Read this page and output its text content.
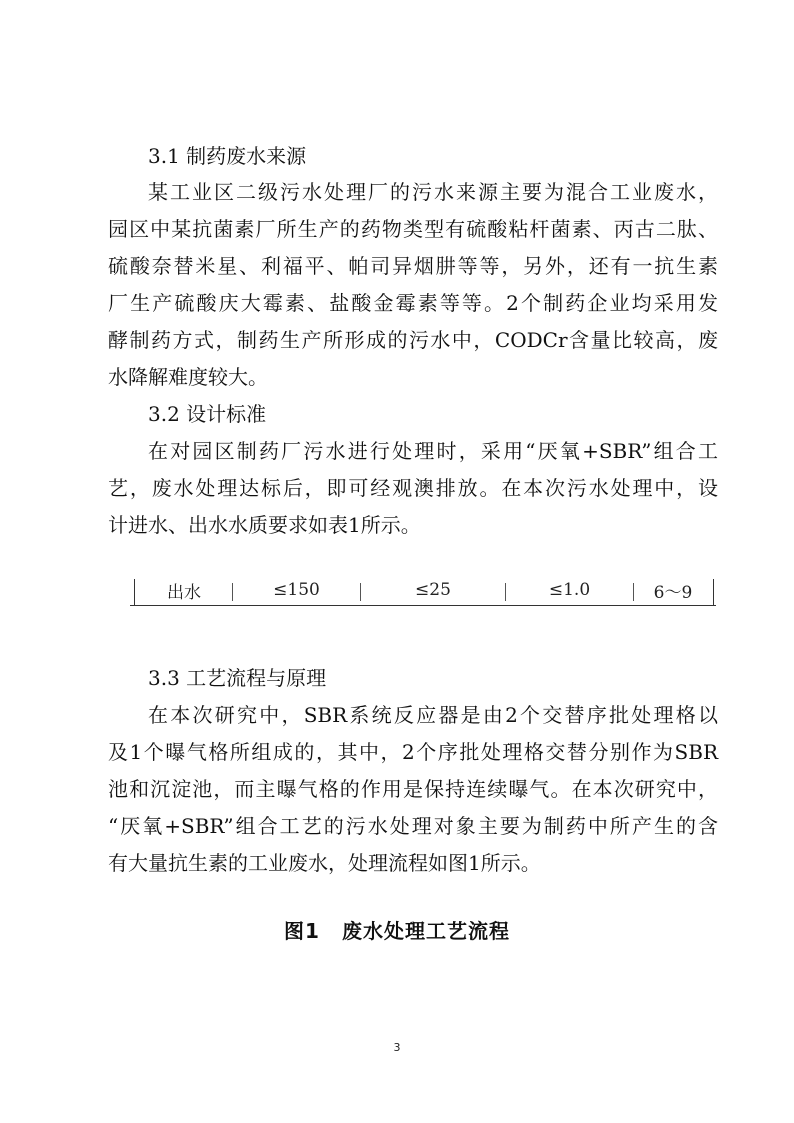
3.1 制药废水来源
某工业区二级污水处理厂的污水来源主要为混合工业废水，
园区中某抗菌素厂所生产的药物类型有硫酸粘杆菌素、丙古二肽、
硫酸奈替米星、利福平、帕司异烟肼等等，另外，还有一抗生素
厂生产硫酸庆大霉素、盐酸金霉素等等。2个制药企业均采用发
酵制药方式，制药生产所形成的污水中，CODCr含量比较高，废
水降解难度较大。
3.2 设计标准
在对园区制药厂污水进行处理时，采用“厌氧+SBR”组合工
艺，废水处理达标后，即可经观澳排放。在本次污水处理中，设
计进水、出水水质要求如表1所示。
出水	≤150	≤25	≤1.0	6～9
3.3 工艺流程与原理
在本次研究中，SBR系统反应器是由2个交替序批处理格以
及1个曝气格所组成的，其中，2个序批处理格交替分别作为SBR
池和沉淀池，而主曝气格的作用是保持连续曝气。在本次研究中，
“厌氧+SBR”组合工艺的污水处理对象主要为制药中所产生的含
有大量抗生素的工业废水，处理流程如图1所示。
图1 废水处理工艺流程
3
